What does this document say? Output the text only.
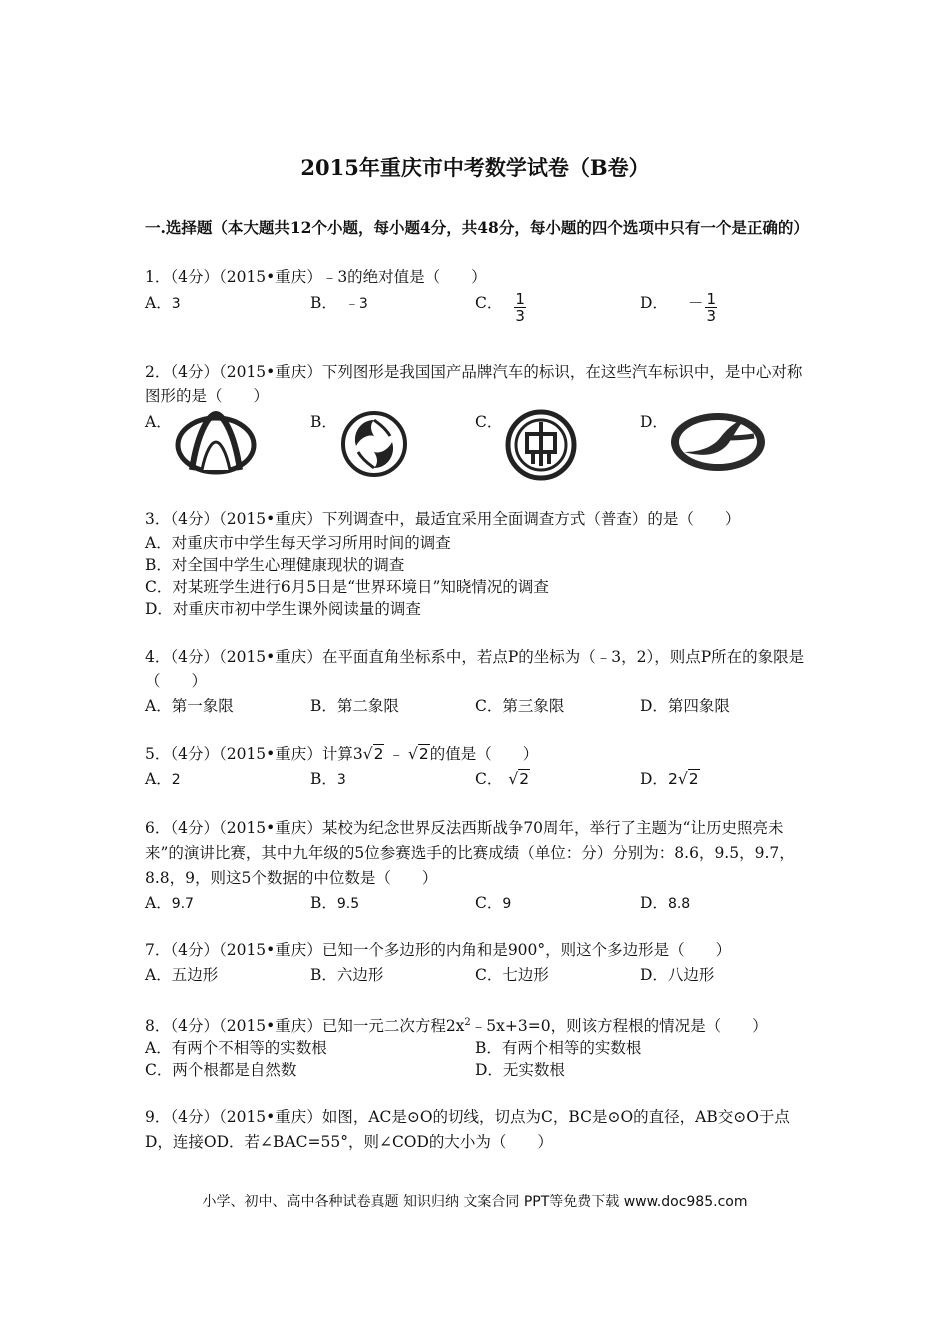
2015年重庆市中考数学试卷（B卷）
一.选择题（本大题共12个小题，每小题4分，共48分，每小题的四个选项中只有一个是正确的）
1．（4分）（2015•重庆）﹣3的绝对值是（　　）
A．3	B． ﹣3	C． $\frac{1}{3}$	D． － $\frac{1}{3}$
2．（4分）（2015•重庆）下列图形是我国国产品牌汽车的标识，在这些汽车标识中，是中心对称图形的是（　　）
A．	B．	C．	D．
3．（4分）（2015•重庆）下列调查中，最适宜采用全面调查方式（普查）的是（　　）
A．对重庆市中学生每天学习所用时间的调查
B．对全国中学生心理健康现状的调查
C．对某班学生进行6月5日是“世界环境日”知晓情况的调查
D．对重庆市初中学生课外阅读量的调查
4．（4分）（2015•重庆）在平面直角坐标系中，若点P的坐标为（﹣3，2），则点P所在的象限是（　　）
A．第一象限	B．第二象限	C．第三象限	D．第四象限
5．（4分）（2015•重庆）计算3√2 ﹣ √2的值是（　　）
A．2	B．3	C． √2	D．2√2
6．（4分）（2015•重庆）某校为纪念世界反法西斯战争70周年，举行了主题为“让历史照亮未来”的演讲比赛，其中九年级的5位参赛选手的比赛成绩（单位：分）分别为：8.6，9.5，9.7，8.8，9，则这5个数据的中位数是（　　）
A．9.7	B．9.5	C．9	D．8.8
7．（4分）（2015•重庆）已知一个多边形的内角和是900°，则这个多边形是（　　）
A．五边形	B．六边形	C．七边形	D．八边形
8．（4分）（2015•重庆）已知一元二次方程$2x^2﹣5x+3=0$，则该方程根的情况是（　　）
A．有两个不相等的实数根	B．有两个相等的实数根
C．两个根都是自然数	D．无实数根
9．（4分）（2015•重庆）如图，AC是⊙O的切线，切点为C，BC是⊙O的直径，AB交⊙O于点D，连接OD．若∠BAC=55°，则∠COD的大小为（　　）
小学、初中、高中各种试卷真题 知识归纳 文案合同 PPT等免费下载 www.doc985.com
